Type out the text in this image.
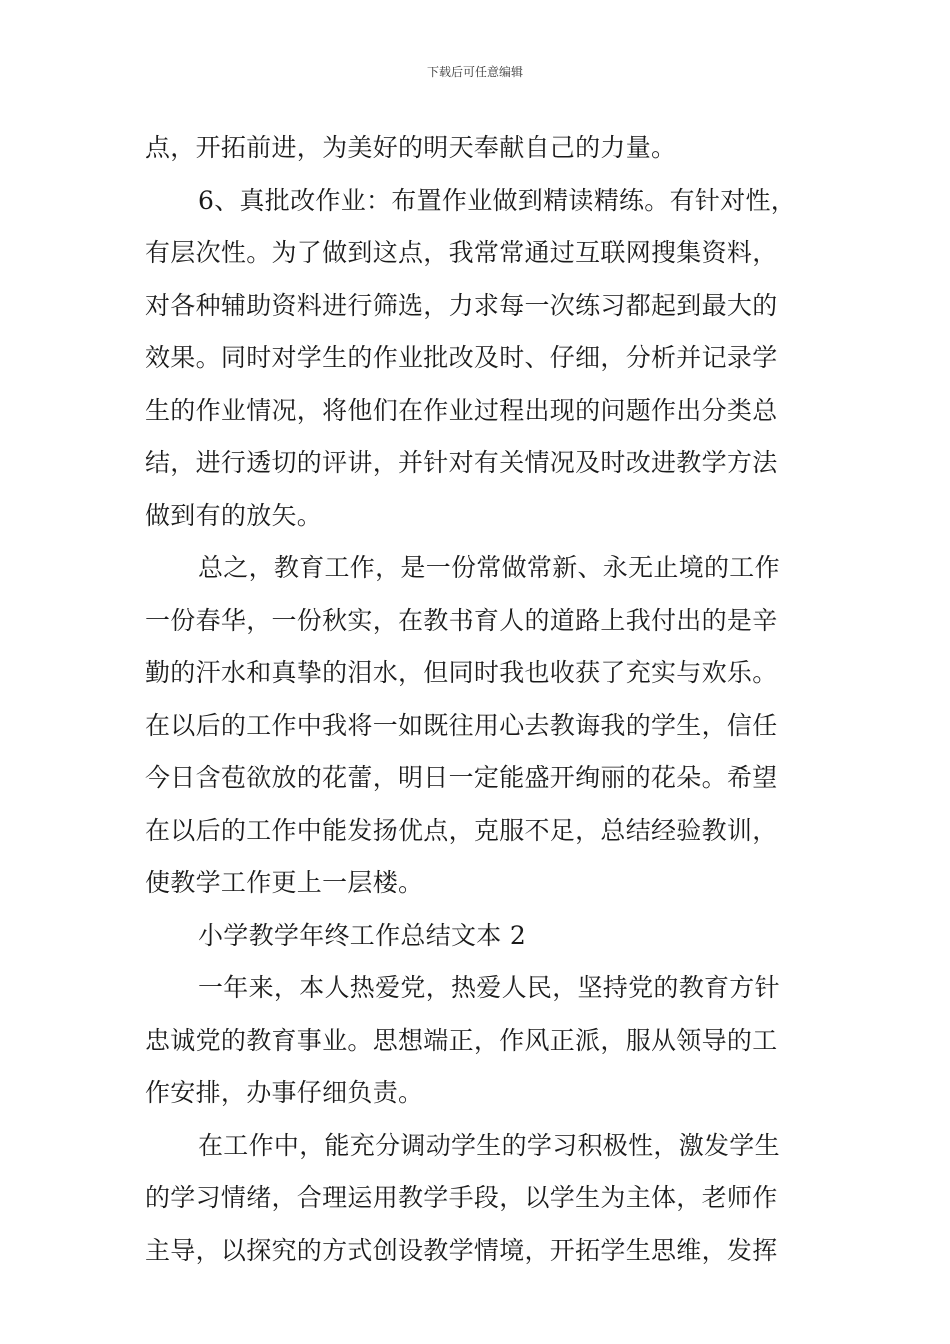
下载后可任意编辑
点，开拓前进，为美好的明天奉献自己的力量。
6、真批改作业：布置作业做到精读精练。有针对性，
有层次性。为了做到这点，我常常通过互联网搜集资料，
对各种辅助资料进行筛选，力求每一次练习都起到最大的
效果。同时对学生的作业批改及时、仔细，分析并记录学
生的作业情况，将他们在作业过程出现的问题作出分类总
结，进行透切的评讲，并针对有关情况及时改进教学方法
做到有的放矢。
总之，教育工作，是一份常做常新、永无止境的工作
一份春华，一份秋实，在教书育人的道路上我付出的是辛
勤的汗水和真挚的泪水，但同时我也收获了充实与欢乐。
在以后的工作中我将一如既往用心去教诲我的学生，信任
今日含苞欲放的花蕾，明日一定能盛开绚丽的花朵。希望
在以后的工作中能发扬优点，克服不足，总结经验教训，
使教学工作更上一层楼。
小学教学年终工作总结文本 2
一年来，本人热爱党，热爱人民，坚持党的教育方针
忠诚党的教育事业。思想端正，作风正派，服从领导的工
作安排，办事仔细负责。
在工作中，能充分调动学生的学习积极性，激发学生
的学习情绪，合理运用教学手段，以学生为主体，老师作
主导，以探究的方式创设教学情境，开拓学生思维，发挥
